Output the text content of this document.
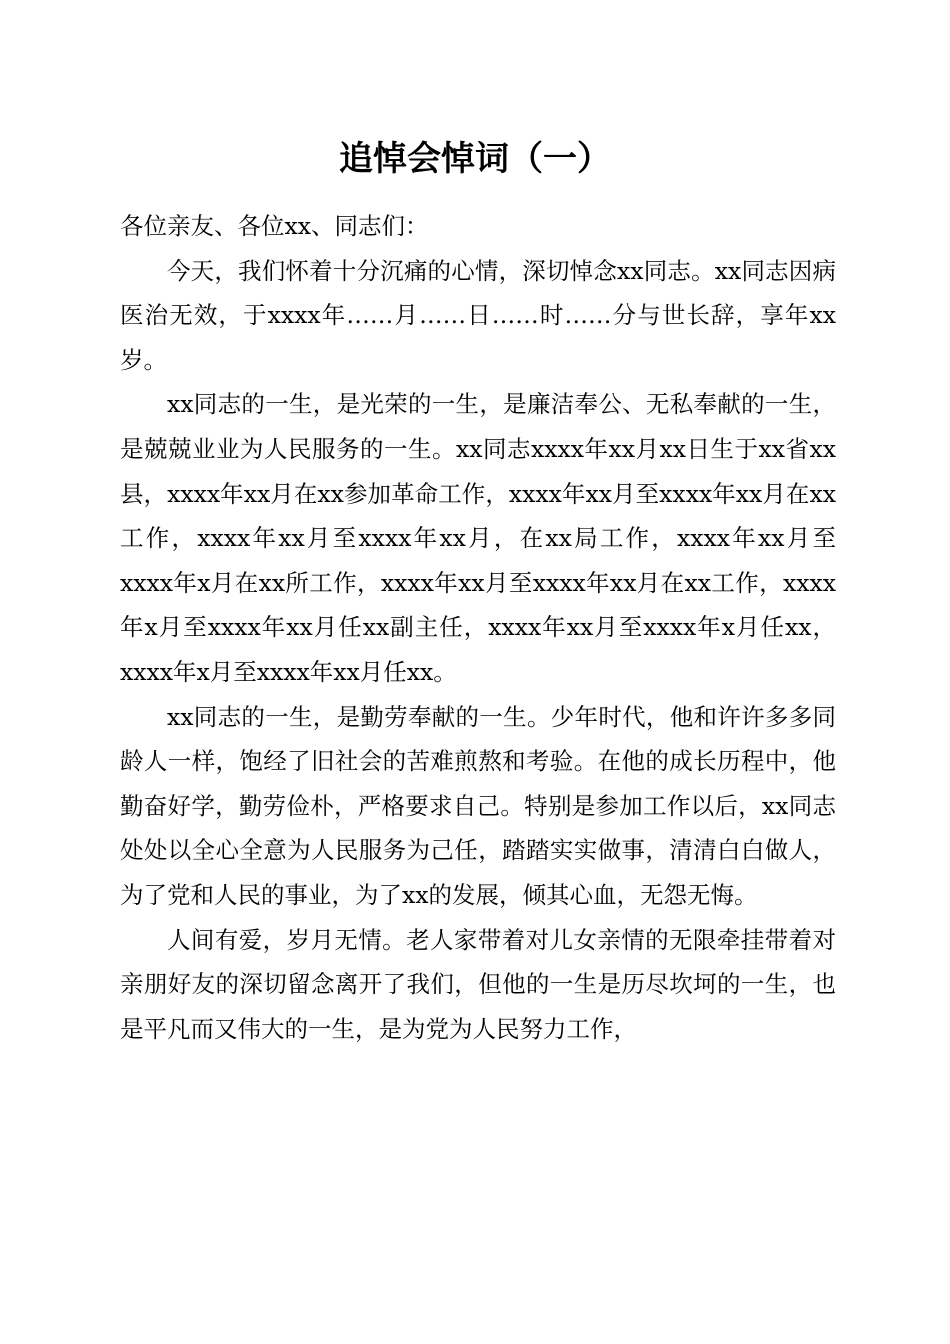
追悼会悼词（一）

各位亲友、各位xx、同志们：

今天，我们怀着十分沉痛的心情，深切悼念xx同志。xx同志因病医治无效，于xxxx年……月……日……时……分与世长辞，享年xx岁。

xx同志的一生，是光荣的一生，是廉洁奉公、无私奉献的一生，是兢兢业业为人民服务的一生。xx同志xxxx年xx月xx日生于xx省xx县，xxxx年xx月在xx参加革命工作，xxxx年xx月至xxxx年xx月在xx工作，xxxx年xx月至xxxx年xx月，在xx局工作，xxxx年xx月至xxxx年x月在xx所工作，xxxx年xx月至xxxx年xx月在xx工作，xxxx年x月至xxxx年xx月任xx副主任，xxxx年xx月至xxxx年x月任xx，xxxx年x月至xxxx年xx月任xx。

xx同志的一生，是勤劳奉献的一生。少年时代，他和许许多多同龄人一样，饱经了旧社会的苦难煎熬和考验。在他的成长历程中，他勤奋好学，勤劳俭朴，严格要求自己。特别是参加工作以后，xx同志处处以全心全意为人民服务为己任，踏踏实实做事，清清白白做人，为了党和人民的事业，为了xx的发展，倾其心血，无怨无悔。

人间有爱，岁月无情。老人家带着对儿女亲情的无限牵挂带着对亲朋好友的深切留念离开了我们，但他的一生是历尽坎坷的一生，也是平凡而又伟大的一生，是为党为人民努力工作，
